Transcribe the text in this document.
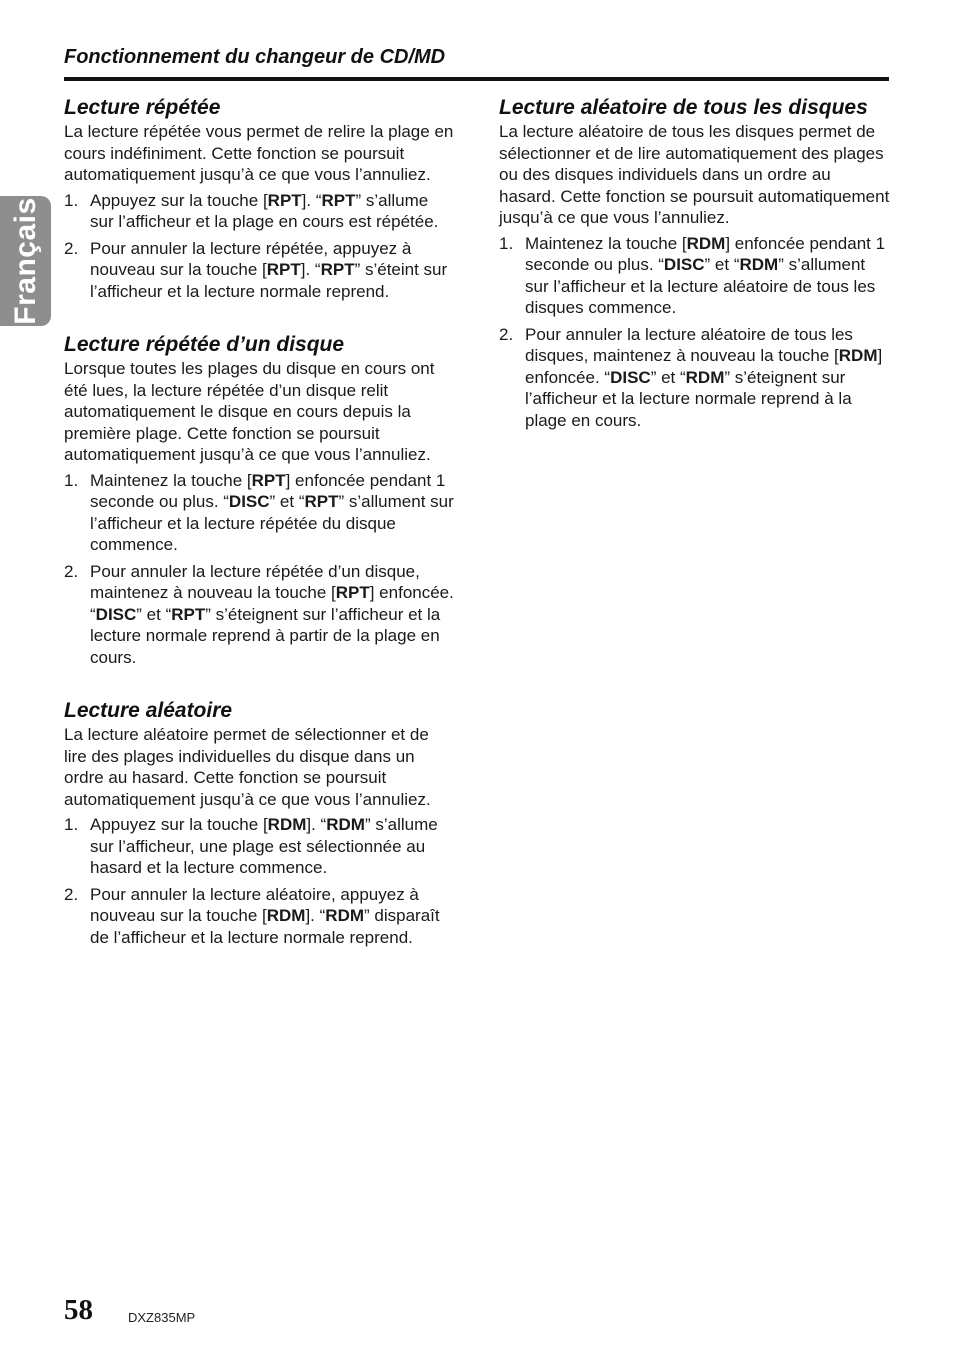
Français
Fonctionnement du changeur de CD/MD
Lecture répétée

La lecture répétée vous permet de relire la plage en cours indéfiniment. Cette fonction se poursuit automatiquement jusqu’à ce que vous l’annuliez.

1. Appuyez sur la touche [RPT]. “RPT” s’allume sur l’afficheur et la plage en cours est répétée.
2. Pour annuler la lecture répétée, appuyez à nouveau sur la touche [RPT]. “RPT” s’éteint sur l’afficheur et la lecture normale reprend.
Lecture répétée d’un disque

Lorsque toutes les plages du disque en cours ont été lues, la lecture répétée d’un disque relit automatiquement le disque en cours depuis la première plage. Cette fonction se poursuit automatiquement jusqu’à ce que vous l’annuliez.

1. Maintenez la touche [RPT] enfoncée pendant 1 seconde ou plus. “DISC” et “RPT” s’allument sur l’afficheur et la lecture répétée du disque commence.
2. Pour annuler la lecture répétée d’un disque, maintenez à nouveau la touche [RPT] enfoncée. “DISC” et “RPT” s’éteignent sur l’afficheur et la lecture normale reprend à partir de la plage en cours.
Lecture aléatoire

La lecture aléatoire permet de sélectionner et de lire des plages individuelles du disque dans un ordre au hasard. Cette fonction se poursuit automatiquement jusqu’à ce que vous l’annuliez.

1. Appuyez sur la touche [RDM]. “RDM” s’allume sur l’afficheur, une plage est sélectionnée au hasard et la lecture commence.
2. Pour annuler la lecture aléatoire, appuyez à nouveau sur la touche [RDM]. “RDM” disparaît de l’afficheur et la lecture normale reprend.
Lecture aléatoire de tous les disques

La lecture aléatoire de tous les disques permet de sélectionner et de lire automatiquement des plages ou des disques individuels dans un ordre au hasard. Cette fonction se poursuit automatiquement jusqu’à ce que vous l’annuliez.

1. Maintenez la touche [RDM] enfoncée pendant 1 seconde ou plus. “DISC” et “RDM” s’allument sur l’afficheur et la lecture aléatoire de tous les disques commence.
2. Pour annuler la lecture aléatoire de tous les disques, maintenez à nouveau la touche [RDM] enfoncée. “DISC” et “RDM” s’éteignent sur l’afficheur et la lecture normale reprend à la plage en cours.
58	DXZ835MP
